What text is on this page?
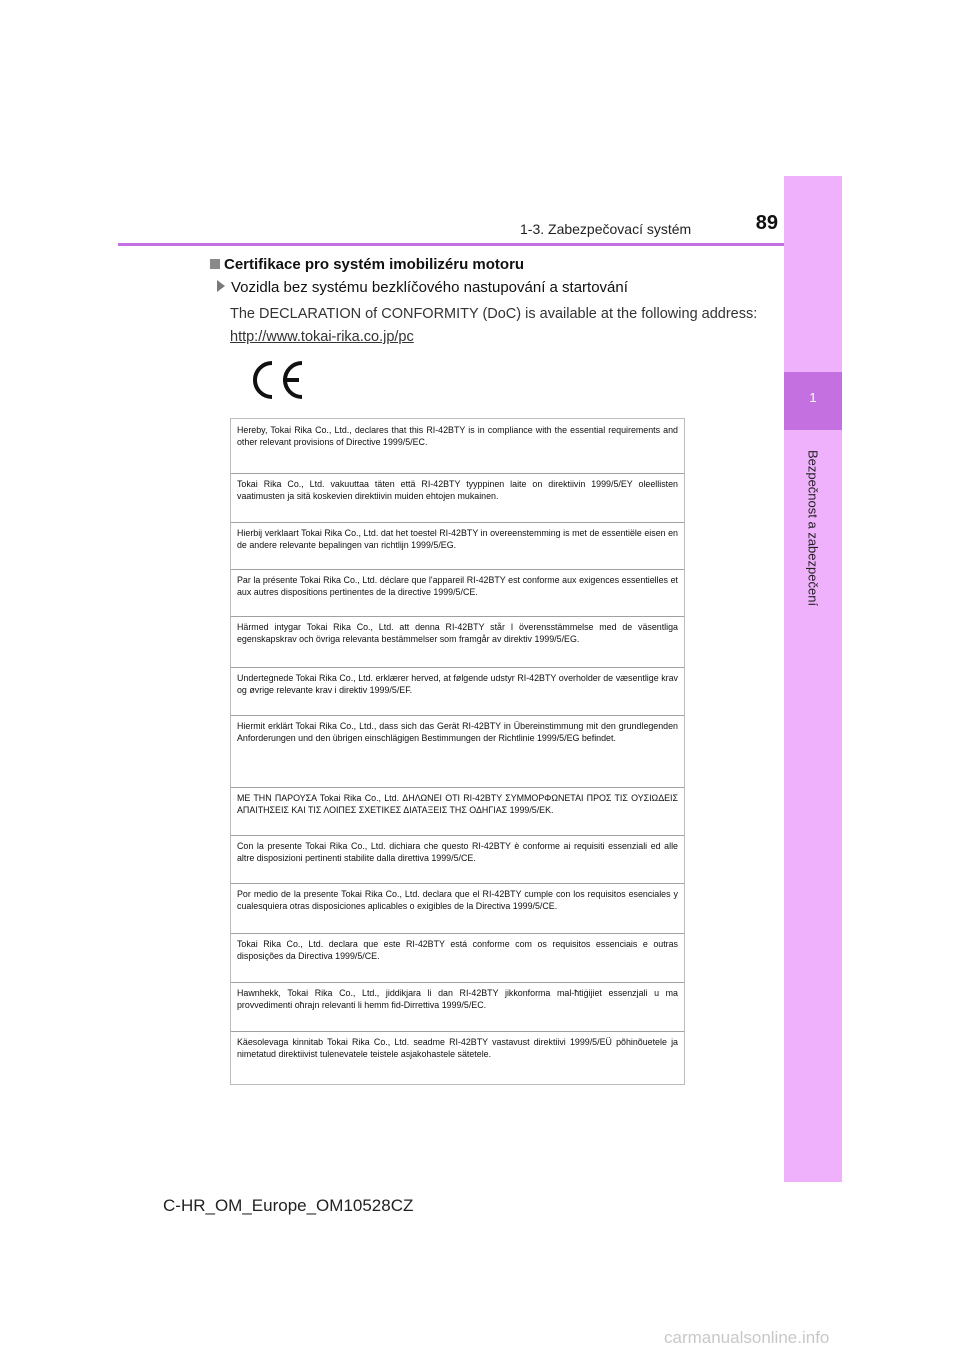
1
Bezpečnost a zabezpečení
1-3. Zabezpečovací systém	89
Certifikace pro systém imobilizéru motoru
Vozidla bez systému bezklíčového nastupování a startování
The DECLARATION of CONFORMITY (DoC) is available at the following address:
http://www.tokai-rika.co.jp/pc
Hereby, Tokai Rika Co., Ltd., declares that this RI-42BTY is in compliance with the essential requirements and other relevant provisions of Directive 1999/5/EC.
Tokai Rika Co., Ltd. vakuuttaa täten että RI-42BTY tyyppinen laite on direktiivin 1999/5/EY oleellisten vaatimusten ja sitä koskevien direktiivin muiden ehtojen mukainen.
Hierbij verklaart Tokai Rika Co., Ltd. dat het toestel RI-42BTY in overeenstemming is met de essentiële eisen en de andere relevante bepalingen van richtlijn 1999/5/EG.
Par la présente Tokai Rika Co., Ltd. déclare que l'appareil RI-42BTY est conforme aux exigences essentielles et aux autres dispositions pertinentes de la directive 1999/5/CE.
Härmed intygar Tokai Rika Co., Ltd. att denna RI-42BTY står I överensstämmelse med de väsentliga egenskapskrav och övriga relevanta bestämmelser som framgår av direktiv 1999/5/EG.
Undertegnede Tokai Rika Co., Ltd. erklærer herved, at følgende udstyr RI-42BTY overholder de væsentlige krav og øvrige relevante krav i direktiv 1999/5/EF.
Hiermit erklärt Tokai Rika Co., Ltd., dass sich das Gerät RI-42BTY in Übereinstimmung mit den grundlegenden Anforderungen und den übrigen einschlägigen Bestimmungen der Richtlinie 1999/5/EG befindet.
ΜΕ ΤΗΝ ΠΑΡΟΥΣΑ Tokai Rika Co., Ltd. ΔΗΛΩΝΕΙ ΟΤΙ RI-42BTY ΣΥΜΜΟΡΦΩΝΕΤΑΙ ΠΡΟΣ ΤΙΣ ΟΥΣΙΩΔΕΙΣ ΑΠΑΙΤΗΣΕΙΣ ΚΑΙ ΤΙΣ ΛΟΙΠΕΣ ΣΧΕΤΙΚΕΣ ΔΙΑΤΑΞΕΙΣ ΤΗΣ ΟΔΗΓΙΑΣ 1999/5/ΕΚ.
Con la presente Tokai Rika Co., Ltd. dichiara che questo RI-42BTY è conforme ai requisiti essenziali ed alle altre disposizioni pertinenti stabilite dalla direttiva 1999/5/CE.
Por medio de la presente Tokai Rika Co., Ltd. declara que el RI-42BTY cumple con los requisitos esenciales y cualesquiera otras disposiciones aplicables o exigibles de la Directiva 1999/5/CE.
Tokai Rika Co., Ltd. declara que este RI-42BTY está conforme com os requisitos essenciais e outras disposições da Directiva 1999/5/CE.
Hawnhekk, Tokai Rika Co., Ltd., jiddikjara li dan RI-42BTY jikkonforma mal-ħtiġijiet essenzjali u ma provvedimenti oħrajn relevanti li hemm fid-Dirrettiva 1999/5/EC.
Käesolevaga kinnitab Tokai Rika Co., Ltd. seadme RI-42BTY vastavust direktiivi 1999/5/EÜ põhinõuetele ja nimetatud direktiivist tulenevatele teistele asjakohastele sätetele.
C-HR_OM_Europe_OM10528CZ
carmanualsonline.info
